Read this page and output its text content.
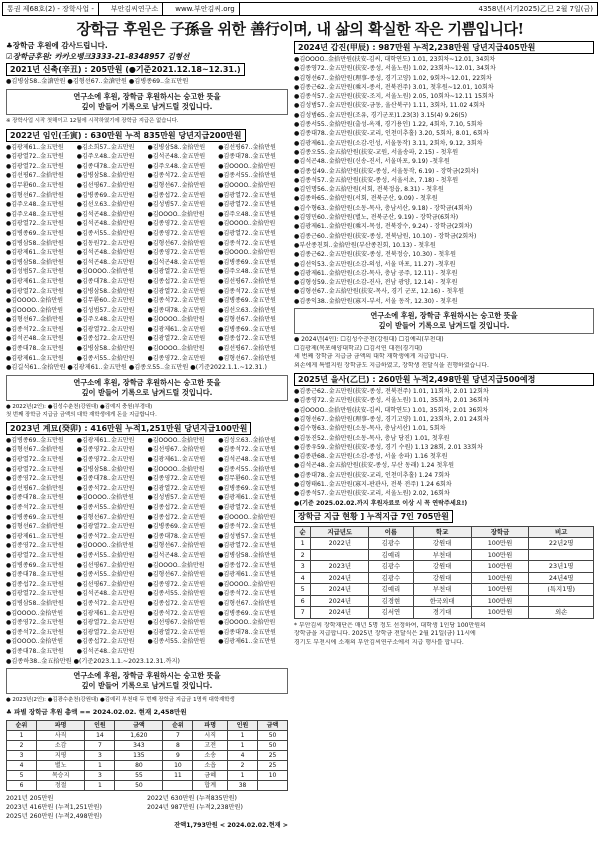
통권 제68호(2) - 장학사업 -	부안김씨연구소	www.부안김씨.org	4358년(서기2025)乙巳 2월 7일(금)
장학금 후원은 子孫을 위한 善行이며, 내 삶의 확실한 작은 기쁨입니다!
♣장학금 후원에 감사드립니다.
☑장학금후원: 카카오뱅크3333-21-8348957 김형선
2021년 신축(辛丑) : 205만원 (●기준2021.12.18~12.31.)
●김병삼58..金滄만원 ●김형선67..金滄만원 ●김병종69..金五만원
연구소에 후원, 장학금 후원하시는 숭고한 뜻을
깊이 받들어 기록으로 남겨드릴 것입니다.
※ 장학사업 시작 첫해이고 12월에 시작하였기에 장학금 지급은 없습니다.
2022년 임인(壬寅) : 630만원 누적 835만원 당년지급200만원
●김광제61..金五만원	●김소희57..金五만원	●김병삼58..金拾만원	●김선평67..金拾만원
●김광열72..金五만원	●김주오48..金五만원	●김석곤48..金五만원	●김종대78..金五만원
●김광열72..金五만원	●김종대78..金五만원	●김주오48..金五만원	●김OOOO..金拾만원
●김선평67..金拾만원	●김병삼58..金拾만원	●김종석72..金五만원	●김종서55..金拾만원
●김무환60..金五만원	●김선평67..金拾만원	●김형선67..金拾만원	●김OOOO..金拾만원
●김형선67..金拾만원	●김병종69..金五만원	●김종섭72..金五만원	●김광열72..金五만원
●김주오48..金五만원	●김선오63..金拾만원	●김성범57..金五만원	●김광열72..金五만원
●김주오48..金五만원	●김석곤48..金拾만원	●김OOOO..金拾만원	●김주오48..金五만원
●김광열72..金五만원	●김석곤48..金拾만원	●김종영72..金五만원	●김OOOO..金拾만원
●김병종69..金五만원	●김종서55..金拾만원	●김종영72..金五만원	●김광열72..金五만원
●김병삼58..金拾만원	●김동원72..金五만원	●김형선67..金拾만원	●김종석72..金五만원
●김광제61..金五만원	●김석곤48..金拾만원	●김종영72..金五만원	●김OOOO..金拾만원
●김병삼58..金拾만원	●김석곤48..金五만원	●김석곤48..金五만원	●김병종69..金五만원
●김성범57..金五만원	●김OOOO..金拾만원	●김광열72..金五만원	●김주오48..金五만원
●김광제61..金五만원	●김종대78..金五만원	●김종섭72..金五만원	●김선평67..金拾만원
●김광열72..金五만원	●김병삼58..金拾만원	●김광열72..金五만원	●김종석72..金五만원
●김OOOO..金拾만원	●김무환60..金五만원	●김종석72..金五만원	●김병종69..金五만원
●김OOOO..金拾만원	●김성범57..金五만원	●김종대78..金五만원	●김선오63..金拾만원
●김형선67..金拾만원	●김주오48..金五만원	●김OOOO..金拾만원	●김형선67..金拾만원
●김종석72..金五만원	●김광열72..金五만원	●김광제61..金五만원	●김병종69..金五만원
●김석곤48..金五만원	●김종섭72..金五만원	●김광열72..金五만원	●김종섭72..金五만원
●김종대78..金五만원	●김병삼58..金拾만원	●김OOOO..金拾만원	●김선평67..金拾만원
●김광제61..金五만원	●김종서55..金拾만원	●김종영72..金五만원	●김형선67..金拾만원
●김길석61..金拾만원 ●김광제61..金五만원 ●김종오55..金五만원 ●(기준2022.1.1.~12.31.)
연구소에 후원, 장학금 후원하시는 숭고한 뜻을
깊이 받들어 기록으로 남겨드릴 것입니다.
● 2022년(2인): ●김성수춘천(강원대) ●김예지 충원(부경대)
첫 번째 장학금 지급금 금액의 대학 재학생에게 돈을 지급합니다.
2023년 계묘(癸卯) : 416만원 누적1,251만원 당년지급100만원
●김병종69..金五만원	●김광제61..金五만원	●김OOOO..金拾만원	●김성오63..金拾만원
●김형선67..金拾만원	●김종영72..金五만원	●김선평67..金拾만원	●김종석72..金五만원
●김광열72..金五만원	●김종영72..金五만원	●김광제61..金五만원	●김석곤48..金五만원
●김광열72..金五만원	●김병삼58..金拾만원	●김OOOO..金拾만원	●김종서55..金拾만원
●김종영72..金五만원	●김종대78..金五만원	●김종영72..金五만원	●김무환60..金五만원
●김선평67..金拾만원	●김종석72..金五만원	●김광열72..金五만원	●김병종69..金五만원
●김종대78..金五만원	●김OOOO..金拾만원	●김성범57..金五만원	●김광제61..金五만원
●김종석72..金五만원	●김종서55..金拾만원	●김종섭72..金五만원	●김광열72..金五만원
●김병종69..金五만원	●김형선67..金拾만원	●김종섭72..金五만원	●김OOOO..金拾만원
●김형선67..金拾만원	●김광열72..金五만원	●김병종69..金五만원	●김종석72..金五만원
●김광제61..金五만원	●김종석72..金五만원	●김종대78..金五만원	●김성범57..金五만원
●김종영72..金五만원	●김OOOO..金拾만원	●김형선67..金拾만원	●김광열72..金五만원
●김광열72..金五만원	●김종서55..金拾만원	●김석곤48..金五만원	●김병삼58..金拾만원
●김병종69..金五만원	●김선평67..金拾만원	●김OOOO..金拾만원	●김종섭72..金五만원
●김종대78..金五만원	●김종서55..金拾만원	●김형선67..金拾만원	●김광제61..金五만원
●김종섭72..金五만원	●김선평67..金拾만원	●김종영72..金五만원	●김OOOO..金拾만원
●김광열72..金五만원	●김석곤48..金五만원	●김종서55..金拾만원	●김종석72..金五만원
●김병삼58..金拾만원	●김종석72..金五만원	●김종섭72..金五만원	●김형선67..金拾만원
●김OOOO..金拾만원	●김광제61..金五만원	●김종석72..金五만원	●김병종69..金五만원
●김종영72..金五만원	●김광열72..金五만원	●김선평67..金拾만원	●김OOOO..金拾만원
●김종석72..金五만원	●김광열72..金五만원	●김광열72..金五만원	●김종대78..金五만원
●김OOOO..金拾만원	●김종섭72..金五만원	●김종서55..金拾만원	●김광제61..金五만원
●김종대78..金五만원	●김석곤48..金五만원
●김종하38..金五拾만원 ●(기준2023.1.1.~2023.12.31.까지)
연구소에 후원, 장학금 후원하시는 숭고한 뜻을
깊이 받들어 기록으로 남겨드릴 것입니다.
● 2023년(2인): ●김광수춘천(강원대) ●김예리 부천대 두 번째 장학금 지급금 1명씩 대학재학생
♣ 파별 장학금 후원 총액 == 2024.02.02. 현재 2,458만원
순위	파명	인원	금액	순위	파명	인원	금액
1	사직	14	1,620	7	시직	1	50
2	소감	7	343	8	고전	1	50
3	지평	3	135	9	소송	4	25
4	별노	1	80	10	소읍	2	25
5	목승지	3	55	11	금혜	1	10
6	정절	1	50		합계	38	
2021년 205만원	2022년 630만원 (누적835만원)
2023년 416만원 (누적1,251만원)	2024년 987만원 (누적2,238만원)
2025년 260만원 (누적2,498만원)
잔액1,793만원 < 2024.02.02.현재 >
2024년 갑진(甲辰) : 987만원 누적2,238만원 당년지급405만원
●김OOOO..金拾만원(扶安-김씨, 대학연도) 1.01, 23회차~12.01, 34회차
●김종영72..金五만원(扶安-종성, 서울노원) 1.02, 23회차~12.01, 34회차
●김형선67..金拾만원(理事-종성, 경기고양) 1.02, 9회차~12.01, 22회차
●김종근62..金五만원(乘지-종서, 전북전주) 3.01, 첫후원~12.01, 10회차
●김종석57..金五만원(扶安-조지, 서울노원) 2.05, 10회차~12.11 15회차
●김성범57..金五만원(扶安-금동, 울산북구) 1.11, 3회차, 11.02 4회차
●김성범65..金五만원(조유, 경기군포)1.23(3) 3.15(4) 9.26(5)
●김종서55..金拾만원(출성-옥재, 경기용인) 1.22, 4회차, 7.10, 5회차
●김종대78..金五만원(扶安-교리, 인천미추홀) 3.20, 5회차, 8.01, 6회차
●김광제61..金五만원(소감-인성, 서울동작) 3.11, 2회차, 9.12, 3회차
●김종오55..金五拾만원(扶安-교원, 서울송파, 2.15) - 첫후원
●김석곤48..金拾만원(신송-진서, 서울마포, 9.19) -첫후원
●김종섭49..金五拾만원(扶安-종성, 서울동작, 6.19) - 장학금(2회차)
●김종석57..金五拾만원(扶安-종성, 서울서초, 7.18) - 첫후원
●김인명56..金五拾만원(서회, 전북정읍, 8.31) - 첫후원
●김종하65..金拾만원(서회, 전북군산, 9.09) - 첫후원
●김수형63..金拾만원(소동-목사, 충남서산, 9.18) - 장학금(4회차)
●김영민60..金拾만원(별노, 전북군산, 9.19) - 장학금(6회차)
●김광제61..金拾만원(乘지-목성, 전북장수, 9.24) - 장학금(2회차)
●김종근60..金拾만원(扶安-종성, 전북남원, 10.10) - 장학금(2회차)
●부산종친회..金拾만원(부산종친회, 10.13) - 첫후원
●김종근62..金五만원(扶安-종성, 전북정승, 10.30) - 첫후원
●김선익53..金五만원(소감-의성, 서울 마포, 11.27) -첫후원
●김광제61..金拾만원(소감-목사, 충남 공주, 12.11) - 첫후원
●김형성59..金五만원(소감-진사, 전남 광양, 12.14) - 첫후원
●김형선67..金五拾만원(扶安-목사, 경기 군포, 12.16) - 첫후원
●김종익38..金拾만원(寡지-부서, 서울 동작, 12.30) - 첫후원
연구소에 후원, 장학금 후원하시는 숭고한 뜻을
깊이 받들어 기록으로 남겨드릴 것입니다.
● 2024년(4인): ☐김성수춘천(강원대) ☐김예리(부천대)
☐김광제(목포해양대학교) ☐김서연 대전(경기대)
세 번째 장학금 지급금 금액의 대학 재학생에게 지급합니다.
외손에게 특별지원 장학금도 지급하였고, 장학생 전달식을 진행하였습니다.
2025년 을사(乙巳) : 260만원 누적2,498만원 당년지급500예정
●김종근62..金五만원(扶安-종성, 전북전주) 1.01, 11회차, 2.01 12회차
●김종영72..金五만원(扶安-종성, 서울노원) 1.01, 35회차, 2.01 36회차
●김OOOO..金拾만원(扶安-김씨, 대학연도) 1.01, 35회차, 2.01 36회차
●김형선67..金拾만원(理事-종성, 경기고양) 1.01, 23회차, 2.01 24회차
●김수형63..金拾만원(소동-목사, 충남서산) 1.01, 5회차
●김동진52..金拾만원(소동-목사, 충남 당진) 1.01, 첫후원
●김종우59..金拾만원(扶安-종성, 경기 수원) 1.13 28회, 2.01 33회차
●김종관68..金五만원(소감-종성, 서울 송파) 1.16 첫후원
●김석곤48..金五拾만원(扶安-종성, 부산 동래) 1.24 첫후원
●김종대78..金五만원(扶安-교리, 인천미추홀) 1.24 7회차
●김형태61..金五만원(寡지-판관사, 전북 전주) 1.24 6회차
●김종석57..金五만원(扶安-교리, 서울노원) 2.02, 16회차
●(기준 2025.02.02.까지 후원자료로 이상 시 꼭 연락주세요!)
장학금 지급 현황 ] 누적지급 7인 705만원
순	지급년도	이름	학교	장학금	비고
1	2022년	김광수	강원대	100만원	22년2명
2		김예리	부천대	100만원	
3	2023년	김광수	강원대	100만원	23년1명
4	2024년	김광수	강원대	100만원	24년4명
5	2024년	김예리	부천대	100만원	(특지1명)
6	2024년	김경현	한국외대	100만원	
7	2024년	김서연	경기대	100만원	외손
* 부안김씨 장학재단은 매년 5명 정도 선정하여, 대학생 1인당 100만원의
장학금을 지급합니다. 2025년 장학금 전달식은 2월 21일(금) 11시에
경기도 부천시에 소재의 부안김씨연구소에서 지급 행사를 합니다.
